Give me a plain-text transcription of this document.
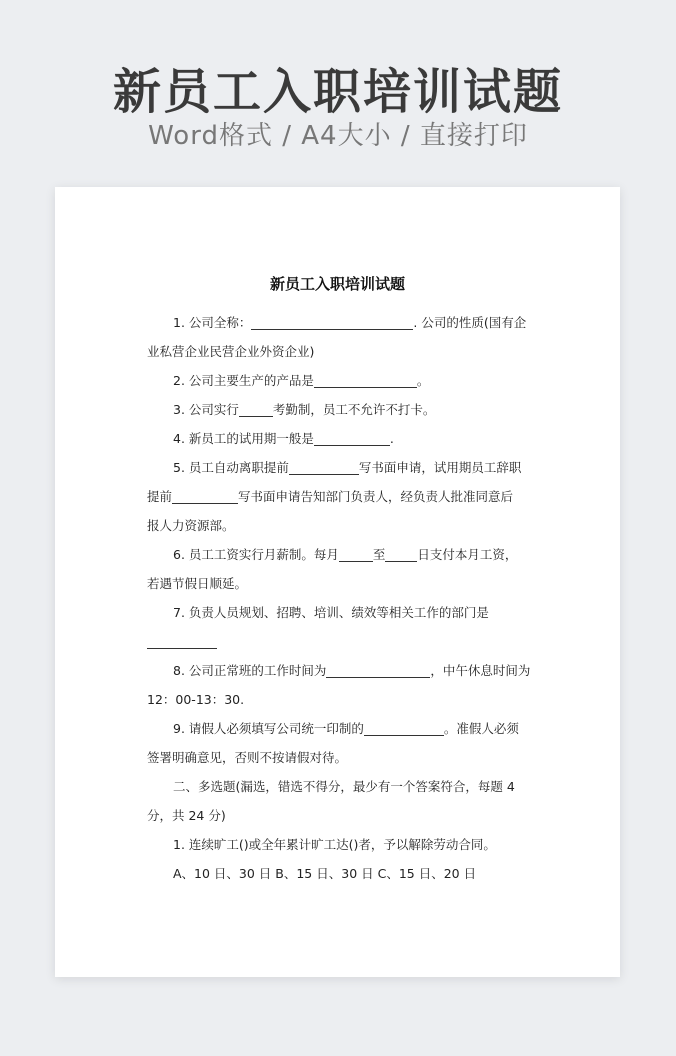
新员工入职培训试题
Word格式 / A4大小 / 直接打印
新员工入职培训试题
1. 公司全称：	. 公司的性质(国有企
业私营企业民营企业外资企业)
2. 公司主要生产的产品是	。
3. 公司实行	考勤制，员工不允许不打卡。
4. 新员工的试用期一般是	.
5. 员工自动离职提前	写书面申请，试用期员工辞职
提前	写书面申请告知部门负责人，经负责人批准同意后
报人力资源部。
6. 员工工资实行月薪制。每月	至	日支付本月工资，
若遇节假日顺延。
7. 负责人员规划、招聘、培训、绩效等相关工作的部门是
8. 公司正常班的工作时间为	，中午休息时间为
12：00-13：30.
9. 请假人必须填写公司统一印制的	。准假人必须
签署明确意见，否则不按请假对待。
二、多选题(漏选，错选不得分，最少有一个答案符合，每题 4
分，共 24 分)
1. 连续旷工()或全年累计旷工达()者，予以解除劳动合同。
A、10 日、30 日 B、15 日、30 日 C、15 日、20 日
